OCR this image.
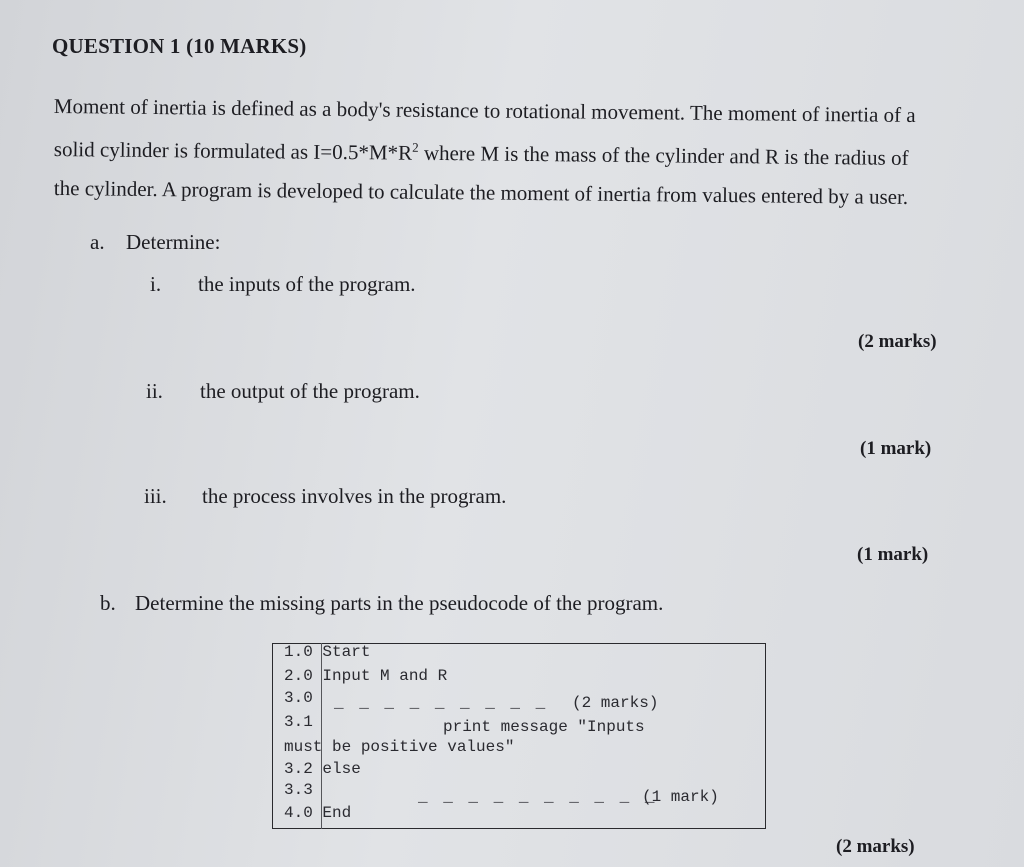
QUESTION 1 (10 MARKS)
Moment of inertia is defined as a body's resistance to rotational movement. The moment of inertia of a
solid cylinder is formulated as $I=0.5*M*R^2$ where M is the mass of the cylinder and R is the radius of
the cylinder. A program is developed to calculate the moment of inertia from values entered by a user.
a. Determine:
i. the inputs of the program.
(2 marks)
ii. the output of the program.
(1 mark)
iii. the process involves in the program.
(1 mark)
b. Determine the missing parts in the pseudocode of the program.
1.0 Start
2.0 Input M and R
3.0 _ _ _ _ _ _ _ _ _ (2 marks)
3.1	print message "Inputs
must be positive values"
3.2 else
3.3	_ _ _ _ _ _ _ _ _ _
(1 mark)
4.0 End
(2 marks)
